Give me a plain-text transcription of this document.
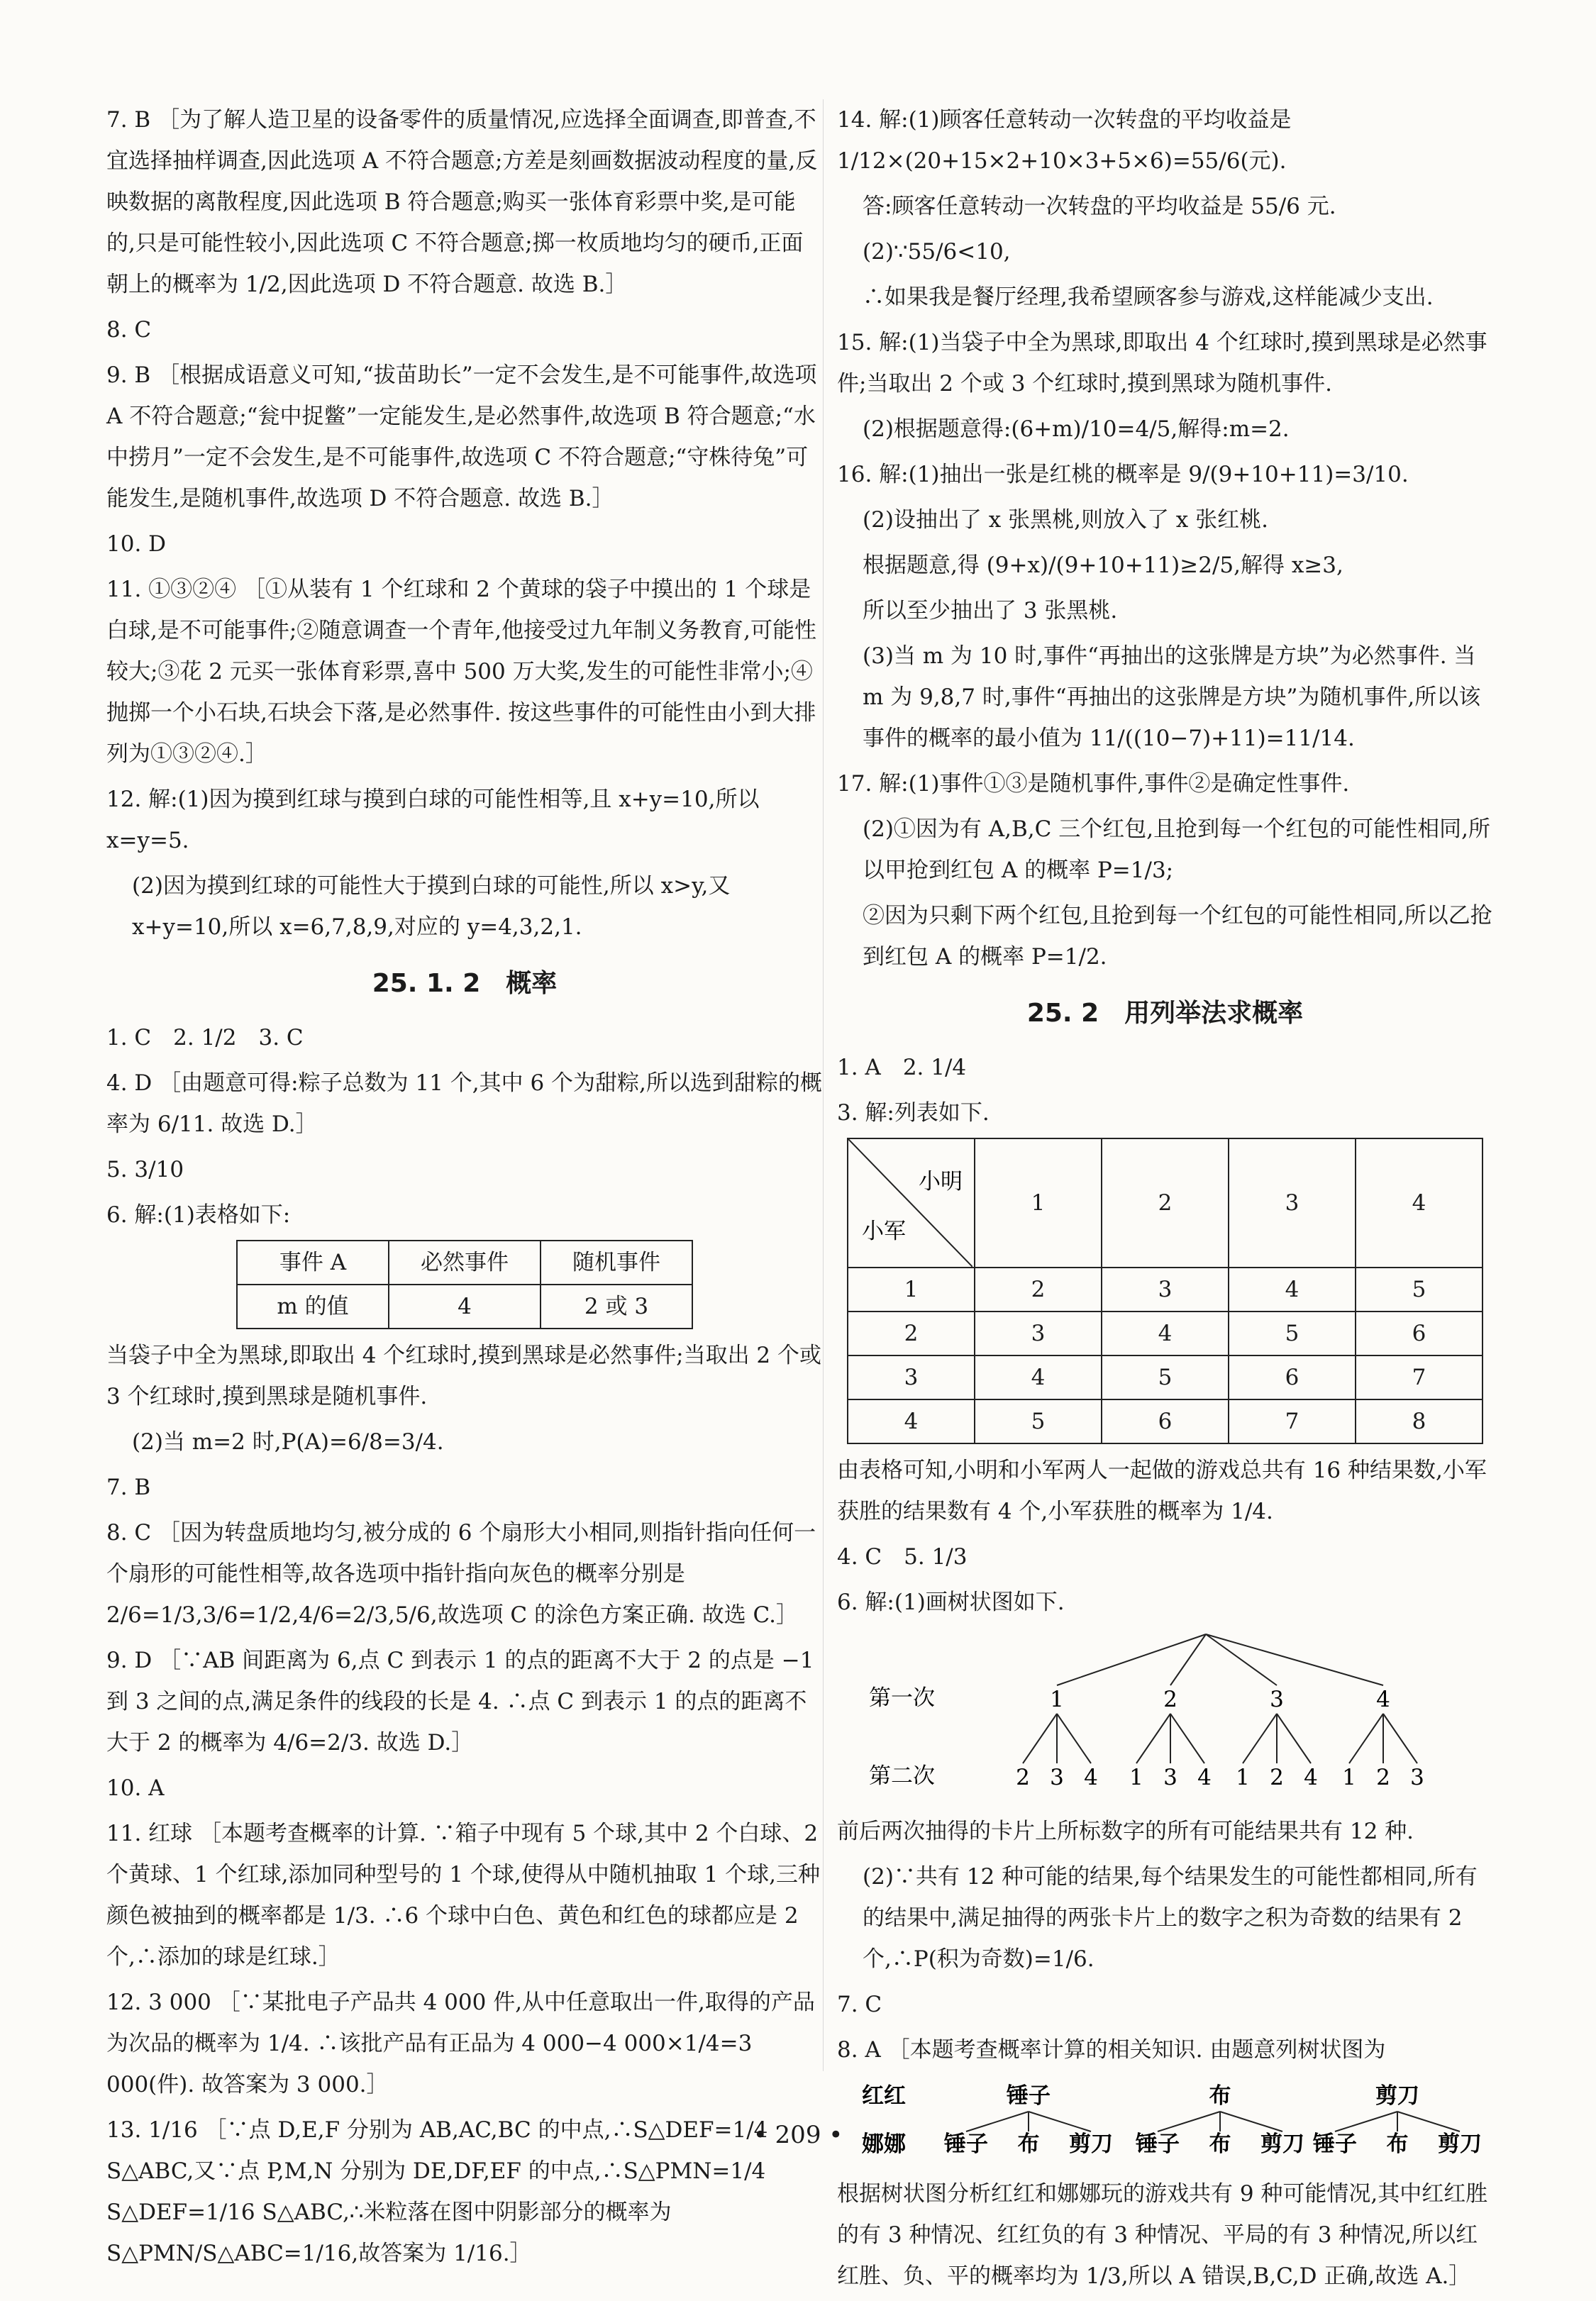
7. B ［为了解人造卫星的设备零件的质量情况,应选择全面调查,即普查,不宜选择抽样调查,因此选项 A 不符合题意;方差是刻画数据波动程度的量,反映数据的离散程度,因此选项 B 符合题意;购买一张体育彩票中奖,是可能的,只是可能性较小,因此选项 C 不符合题意;掷一枚质地均匀的硬币,正面朝上的概率为 1/2,因此选项 D 不符合题意. 故选 B.］

8. C

9. B ［根据成语意义可知,“拔苗助长”一定不会发生,是不可能事件,故选项 A 不符合题意;“瓮中捉鳖”一定能发生,是必然事件,故选项 B 符合题意;“水中捞月”一定不会发生,是不可能事件,故选项 C 不符合题意;“守株待兔”可能发生,是随机事件,故选项 D 不符合题意. 故选 B.］

10. D

11. ①③②④ ［①从装有 1 个红球和 2 个黄球的袋子中摸出的 1 个球是白球,是不可能事件;②随意调查一个青年,他接受过九年制义务教育,可能性较大;③花 2 元买一张体育彩票,喜中 500 万大奖,发生的可能性非常小;④抛掷一个小石块,石块会下落,是必然事件. 按这些事件的可能性由小到大排列为①③②④.］

12. 解:(1)因为摸到红球与摸到白球的可能性相等,且 x+y=10,所以 x=y=5.

(2)因为摸到红球的可能性大于摸到白球的可能性,所以 x>y,又 x+y=10,所以 x=6,7,8,9,对应的 y=4,3,2,1.

25. 1. 2　概率

1. C　2. 1/2　3. C

4. D ［由题意可得:粽子总数为 11 个,其中 6 个为甜粽,所以选到甜粽的概率为 6/11. 故选 D.］

5. 3/10

6. 解:(1)表格如下:

事件 A	必然事件	随机事件
m 的值	4	2 或 3

当袋子中全为黑球,即取出 4 个红球时,摸到黑球是必然事件;当取出 2 个或 3 个红球时,摸到黑球是随机事件.

(2)当 m=2 时,P(A)=6/8=3/4.

7. B

8. C ［因为转盘质地均匀,被分成的 6 个扇形大小相同,则指针指向任何一个扇形的可能性相等,故各选项中指针指向灰色的概率分别是 2/6=1/3,3/6=1/2,4/6=2/3,5/6,故选项 C 的涂色方案正确. 故选 C.］

9. D ［∵AB 间距离为 6,点 C 到表示 1 的点的距离不大于 2 的点是 −1 到 3 之间的点,满足条件的线段的长是 4. ∴点 C 到表示 1 的点的距离不大于 2 的概率为 4/6=2/3. 故选 D.］

10. A

11. 红球 ［本题考查概率的计算. ∵箱子中现有 5 个球,其中 2 个白球、2 个黄球、1 个红球,添加同种型号的 1 个球,使得从中随机抽取 1 个球,三种颜色被抽到的概率都是 1/3. ∴6 个球中白色、黄色和红色的球都应是 2 个,∴添加的球是红球.］

12. 3 000 ［∵某批电子产品共 4 000 件,从中任意取出一件,取得的产品为次品的概率为 1/4. ∴该批产品有正品为 4 000−4 000×1/4=3 000(件). 故答案为 3 000.］

13. 1/16 ［∵点 D,E,F 分别为 AB,AC,BC 的中点,∴S△DEF=1/4 S△ABC,又∵点 P,M,N 分别为 DE,DF,EF 的中点,∴S△PMN=1/4 S△DEF=1/16 S△ABC,∴米粒落在图中阴影部分的概率为 S△PMN/S△ABC=1/16,故答案为 1/16.］

14. 解:(1)顾客任意转动一次转盘的平均收益是 1/12×(20+15×2+10×3+5×6)=55/6(元).

答:顾客任意转动一次转盘的平均收益是 55/6 元.

(2)∵55/6<10,

∴如果我是餐厅经理,我希望顾客参与游戏,这样能减少支出.

15. 解:(1)当袋子中全为黑球,即取出 4 个红球时,摸到黑球是必然事件;当取出 2 个或 3 个红球时,摸到黑球为随机事件.

(2)根据题意得:(6+m)/10=4/5,解得:m=2.

16. 解:(1)抽出一张是红桃的概率是 9/(9+10+11)=3/10.

(2)设抽出了 x 张黑桃,则放入了 x 张红桃.

根据题意,得 (9+x)/(9+10+11)≥2/5,解得 x≥3,

所以至少抽出了 3 张黑桃.

(3)当 m 为 10 时,事件“再抽出的这张牌是方块”为必然事件. 当 m 为 9,8,7 时,事件“再抽出的这张牌是方块”为随机事件,所以该事件的概率的最小值为 11/((10−7)+11)=11/14.

17. 解:(1)事件①③是随机事件,事件②是确定性事件.

(2)①因为有 A,B,C 三个红包,且抢到每一个红包的可能性相同,所以甲抢到红包 A 的概率 P=1/3;

②因为只剩下两个红包,且抢到每一个红包的可能性相同,所以乙抢到红包 A 的概率 P=1/2.

25. 2　用列举法求概率

1. A　2. 1/4

3. 解:列表如下.

小明
小军	1	2	3	4
1	2	3	4	5
2	3	4	5	6
3	4	5	6	7
4	5	6	7	8

由表格可知,小明和小军两人一起做的游戏总共有 16 种结果数,小军获胜的结果数有 4 个,小军获胜的概率为 1/4.

4. C　5. 1/3

6. 解:(1)画树状图如下.

第一次
第二次
1
2 3 4
2
1 3 4
3
1 2 4
4
1 2 3

前后两次抽得的卡片上所标数字的所有可能结果共有 12 种.

(2)∵共有 12 种可能的结果,每个结果发生的可能性都相同,所有的结果中,满足抽得的两张卡片上的数字之积为奇数的结果有 2 个,∴P(积为奇数)=1/6.

7. C

8. A ［本题考查概率计算的相关知识. 由题意列树状图为

红红
娜娜
锤子
锤子 布 剪刀
布
锤子 布 剪刀
剪刀
锤子 布 剪刀

根据树状图分析红红和娜娜玩的游戏共有 9 种可能情况,其中红红胜的有 3 种情况、红红负的有 3 种情况、平局的有 3 种情况,所以红红胜、负、平的概率均为 1/3,所以 A 错误,B,C,D 正确,故选 A.］

• 209 •
